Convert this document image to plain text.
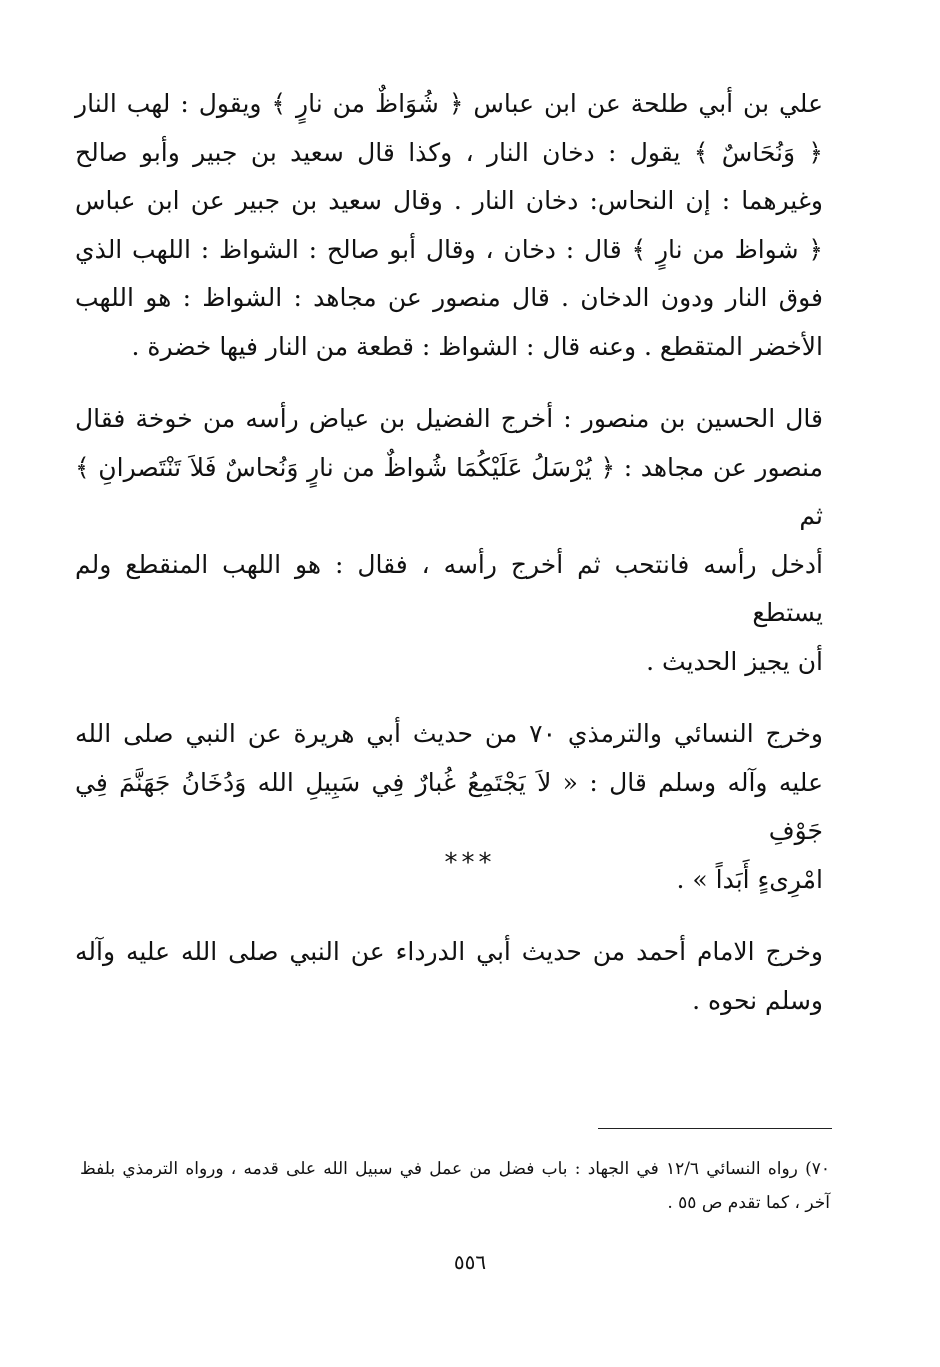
علي بن أبي طلحة عن ابن عباس ﴿ شُوَاظٌ من نارٍ ﴾ ويقول : لهب النار
﴿ وَنُحَاسٌ ﴾ يقول : دخان النار ، وكذا قال سعيد بن جبير وأبو صالح
وغيرهما : إن النحاس: دخان النار . وقال سعيد بن جبير عن ابن عباس
﴿ شواظ من نارٍ ﴾ قال : دخان ، وقال أبو صالح : الشواظ : اللهب الذي
فوق النار ودون الدخان . قال منصور عن مجاهد : الشواظ : هو اللهب
الأخضر المتقطع . وعنه قال : الشواظ : قطعة من النار فيها خضرة .

قال الحسين بن منصور : أخرج الفضيل بن عياض رأسه من خوخة فقال
منصور عن مجاهد : ﴿ يُرْسَلُ عَلَيْكُمَا شُواظٌ من نارٍ وَنُحاسٌ فَلاَ تَنْتَصرانِ ﴾ ثم
أدخل رأسه فانتحب ثم أخرج رأسه ، فقال : هو اللهب المنقطع ولم يستطع
أن يجيز الحديث .

وخرج النسائي والترمذي ٧٠ من حديث أبي هريرة عن النبي صلى الله
عليه وآله وسلم قال : « لاَ يَجْتَمِعُ غُبارٌ فِي سَبِيلِ الله وَدُخَانُ جَهَنَّمَ فِي جَوْفِ
امْرِىءٍ أَبَداً » .

وخرج الامام أحمد من حديث أبي الدرداء عن النبي صلى الله عليه وآله
وسلم نحوه .

***
٧٠) رواه النسائي ١٢/٦ في الجهاد : باب فضل من عمل في سبيل الله على قدمه ، ورواه الترمذي بلفظ
آخر ، كما تقدم ص ٥٥ .
٥٥٦
